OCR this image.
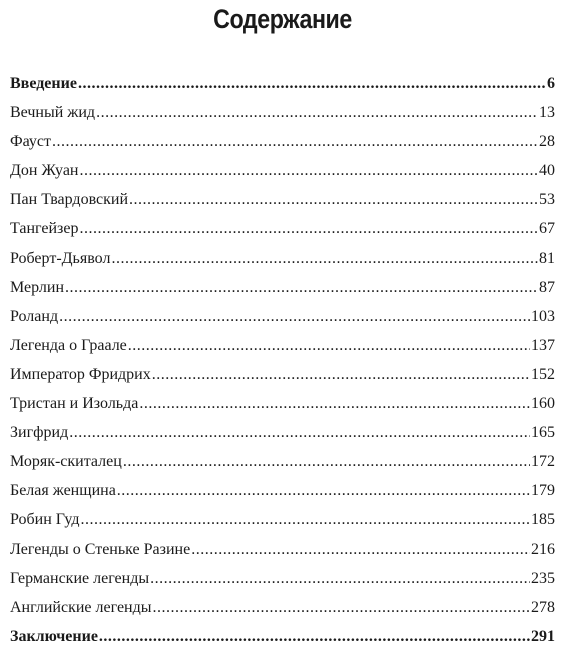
Содержание
Введение .....	6
Вечный жид .....	13
Фауст .....	28
Дон Жуан .....	40
Пан Твардовский .....	53
Тангейзер .....	67
Роберт-Дьявол .....	81
Мерлин .....	87
Роланд .....	103
Легенда о Граале .....	137
Император Фридрих .....	152
Тристан и Изольда .....	160
Зигфрид .....	165
Моряк-скиталец .....	172
Белая женщина .....	179
Робин Гуд .....	185
Легенды о Стеньке Разине .....	216
Германские легенды .....	235
Английские легенды .....	278
Заключение .....	291
